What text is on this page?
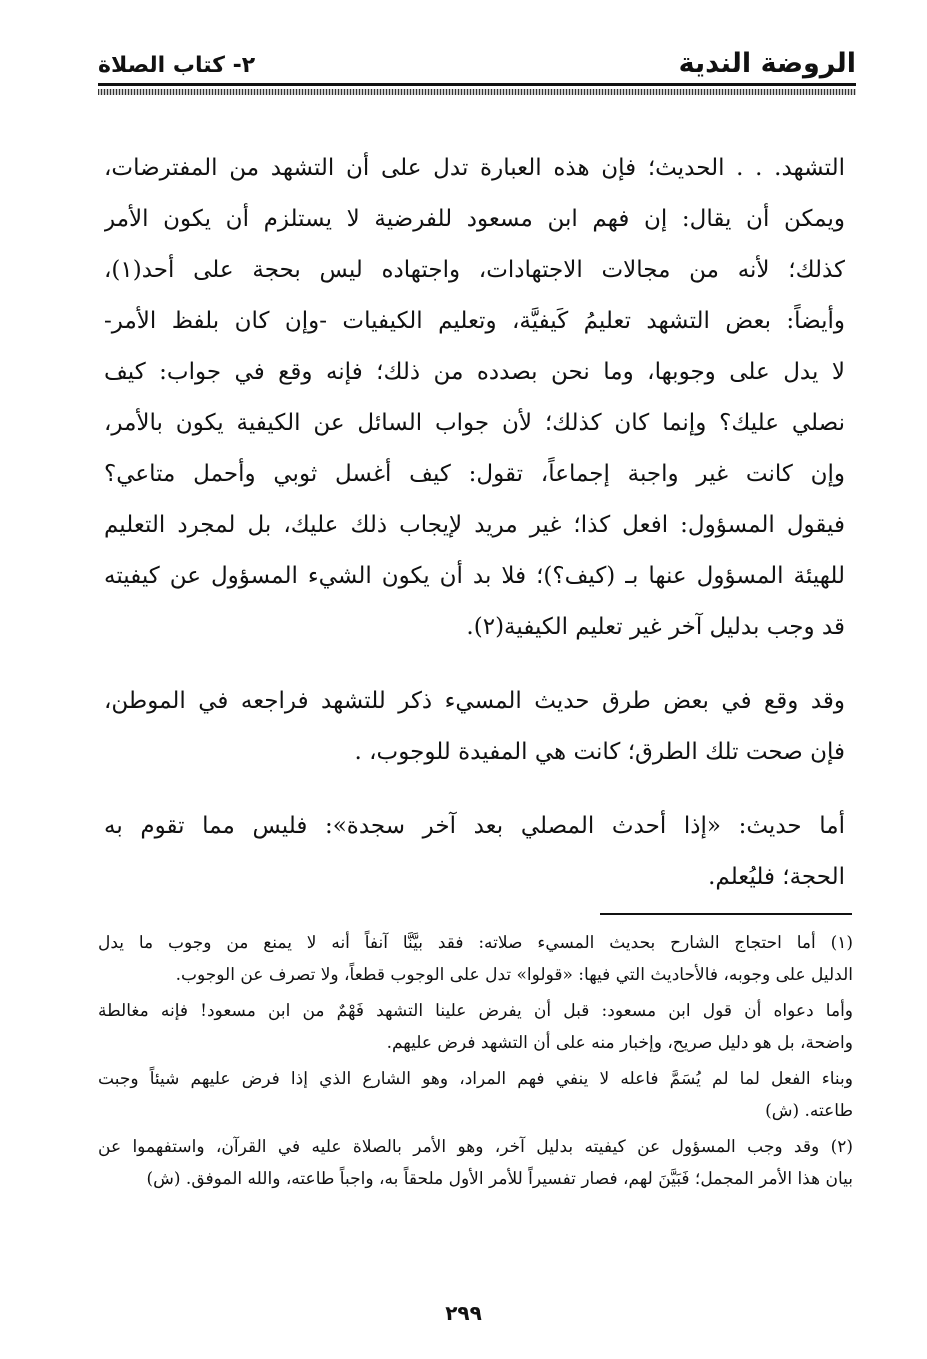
الروضة الندية
٢- كتاب الصلاة
التشهد. . . الحديث؛ فإن هذه العبارة تدل على أن التشهد من المفترضات،
ويمكن أن يقال: إن فهم ابن مسعود للفرضية لا يستلزم أن يكون الأمر
كذلك؛ لأنه من مجالات الاجتهادات، واجتهاده ليس بحجة على أحد(١)،
وأيضاً: بعض التشهد تعليمُ كَيفيَّة، وتعليم الكيفيات -وإن كان بلفظ الأمر-
لا يدل على وجوبها، وما نحن بصدده من ذلك؛ فإنه وقع في جواب: كيف
نصلي عليك؟ وإنما كان كذلك؛ لأن جواب السائل عن الكيفية يكون بالأمر،
وإن كانت غير واجبة إجماعاً، تقول: كيف أغسل ثوبي وأحمل متاعي؟
فيقول المسؤول: افعل كذا؛ غير مريد لإيجاب ذلك عليك، بل لمجرد التعليم
للهيئة المسؤول عنها بـ (كيف؟)؛ فلا بد أن يكون الشيء المسؤول عن كيفيته
قد وجب بدليل آخر غير تعليم الكيفية(٢).
وقد وقع في بعض طرق حديث المسيء ذكر للتشهد فراجعه في الموطن،
فإن صحت تلك الطرق؛ كانت هي المفيدة للوجوب، .
أما حديث: «إذا أحدث المصلي بعد آخر سجدة»: فليس مما تقوم به
الحجة؛ فليُعلم.
(١) أما احتجاج الشارح بحديث المسيء صلاته: فقد بيَّنَّا آنفاً أنه لا يمنع من وجوب ما يدل
الدليل على وجوبه، فالأحاديث التي فيها: «قولوا» تدل على الوجوب قطعاً، ولا تصرف عن الوجوب.
وأما دعواه أن قول ابن مسعود: قبل أن يفرض علينا التشهد فَهْمٌ من ابن مسعود! فإنه مغالطة
واضحة، بل هو دليل صريح، وإخبار منه على أن التشهد فرض عليهم.
وبناء الفعل لما لم يُسَمَّ فاعله لا ينفي فهم المراد، وهو الشارع الذي إذا فرض عليهم شيئاً وجبت
طاعته. (ش)
(٢) وقد وجب المسؤول عن كيفيته بدليل آخر، وهو الأمر بالصلاة عليه في القرآن، واستفهموا عن
بيان هذا الأمر المجمل؛ فَبَيَّنَ لهم، فصار تفسيراً للأمر الأول ملحقاً به، واجباً طاعته، والله الموفق. (ش)
٢٩٩
